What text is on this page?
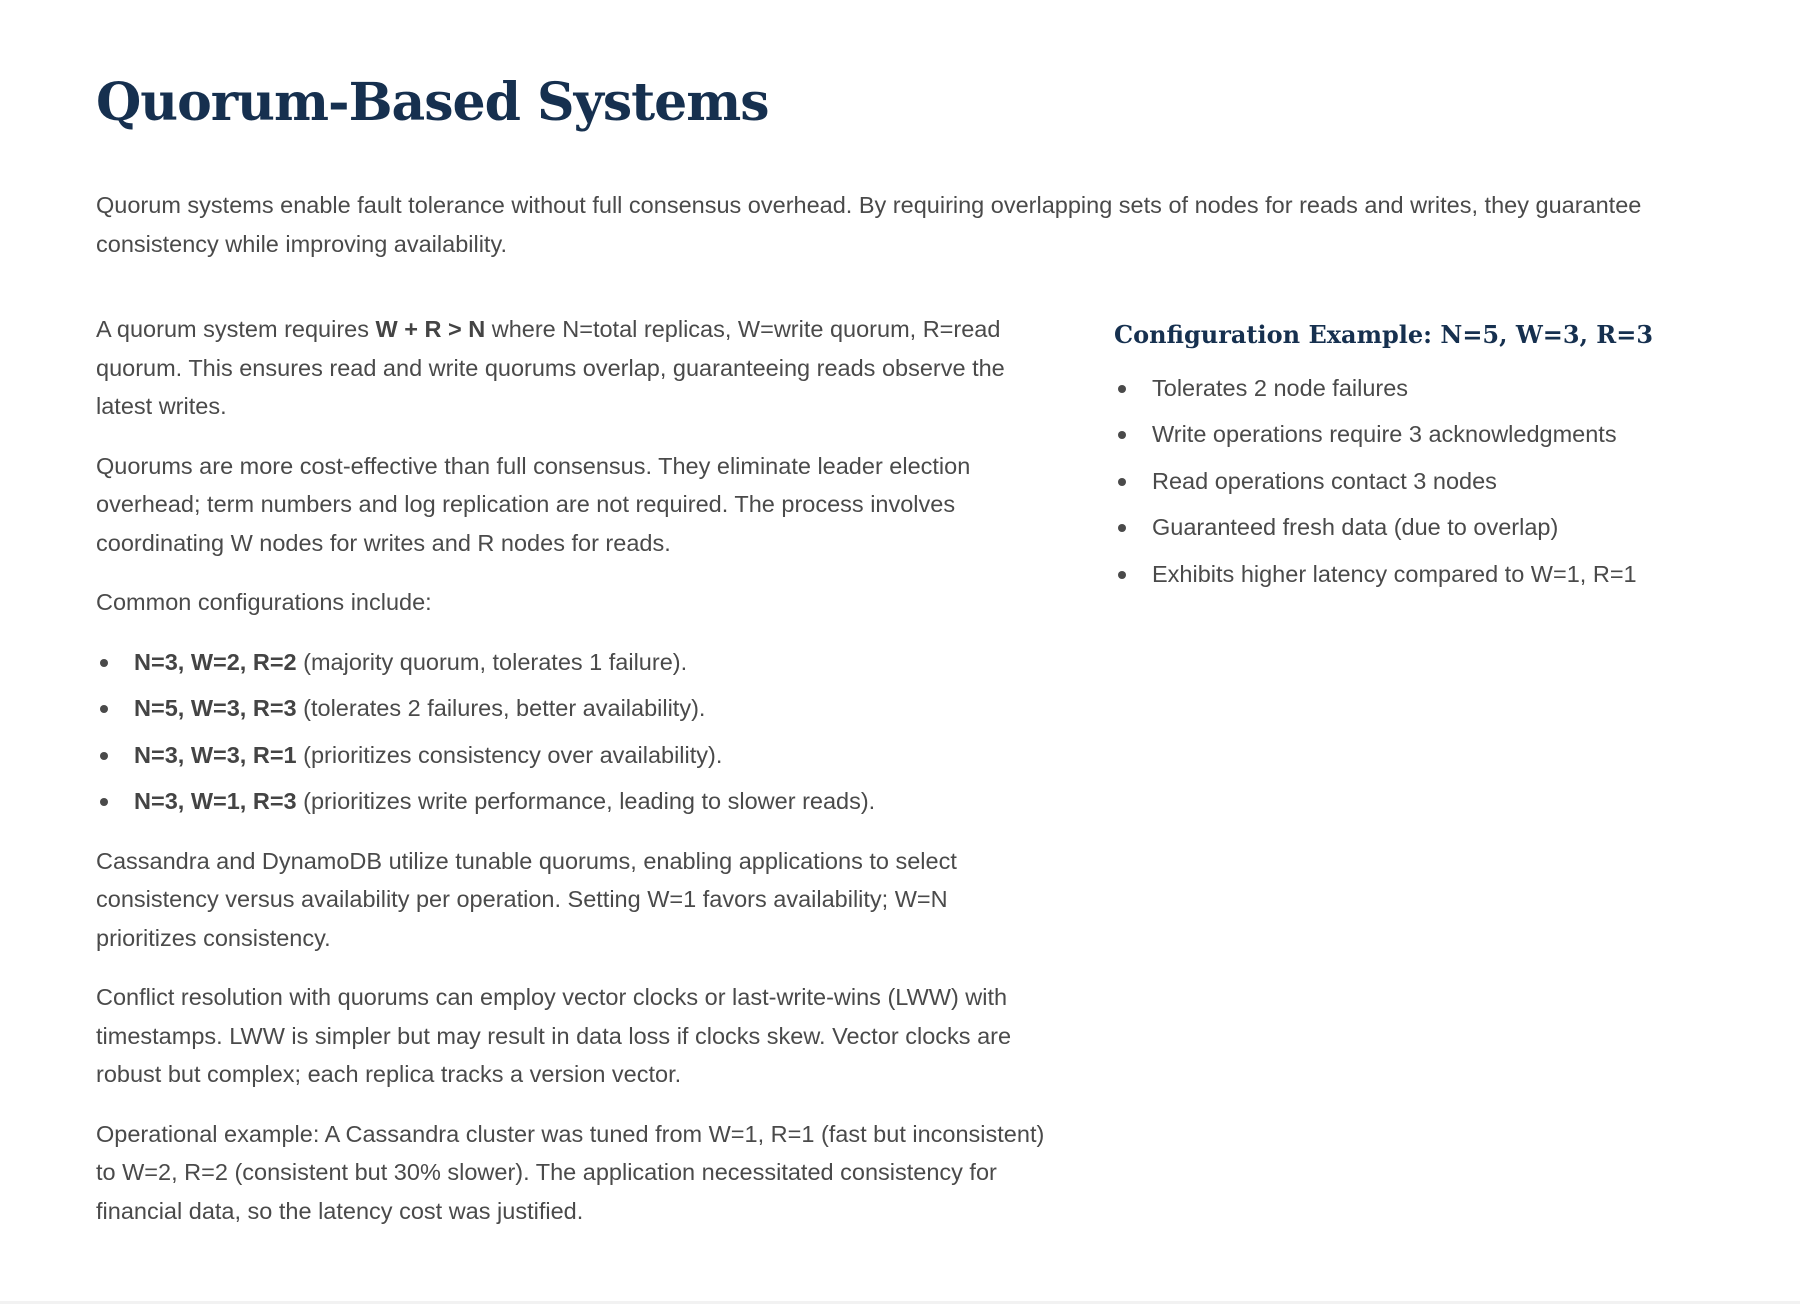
Quorum-Based Systems

Quorum systems enable fault tolerance without full consensus overhead. By requiring overlapping sets of nodes for reads and writes, they guarantee consistency while improving availability.

A quorum system requires W + R > N where N=total replicas, W=write quorum, R=read quorum. This ensures read and write quorums overlap, guaranteeing reads observe the latest writes.

Quorums are more cost-effective than full consensus. They eliminate leader election overhead; term numbers and log replication are not required. The process involves coordinating W nodes for writes and R nodes for reads.

Common configurations include:

N=3, W=2, R=2 (majority quorum, tolerates 1 failure).
N=5, W=3, R=3 (tolerates 2 failures, better availability).
N=3, W=3, R=1 (prioritizes consistency over availability).
N=3, W=1, R=3 (prioritizes write performance, leading to slower reads).

Cassandra and DynamoDB utilize tunable quorums, enabling applications to select consistency versus availability per operation. Setting W=1 favors availability; W=N prioritizes consistency.

Conflict resolution with quorums can employ vector clocks or last-write-wins (LWW) with timestamps. LWW is simpler but may result in data loss if clocks skew. Vector clocks are robust but complex; each replica tracks a version vector.

Operational example: A Cassandra cluster was tuned from W=1, R=1 (fast but inconsistent) to W=2, R=2 (consistent but 30% slower). The application necessitated consistency for financial data, so the latency cost was justified.

Configuration Example: N=5, W=3, R=3
Tolerates 2 node failures
Write operations require 3 acknowledgments
Read operations contact 3 nodes
Guaranteed fresh data (due to overlap)
Exhibits higher latency compared to W=1, R=1
